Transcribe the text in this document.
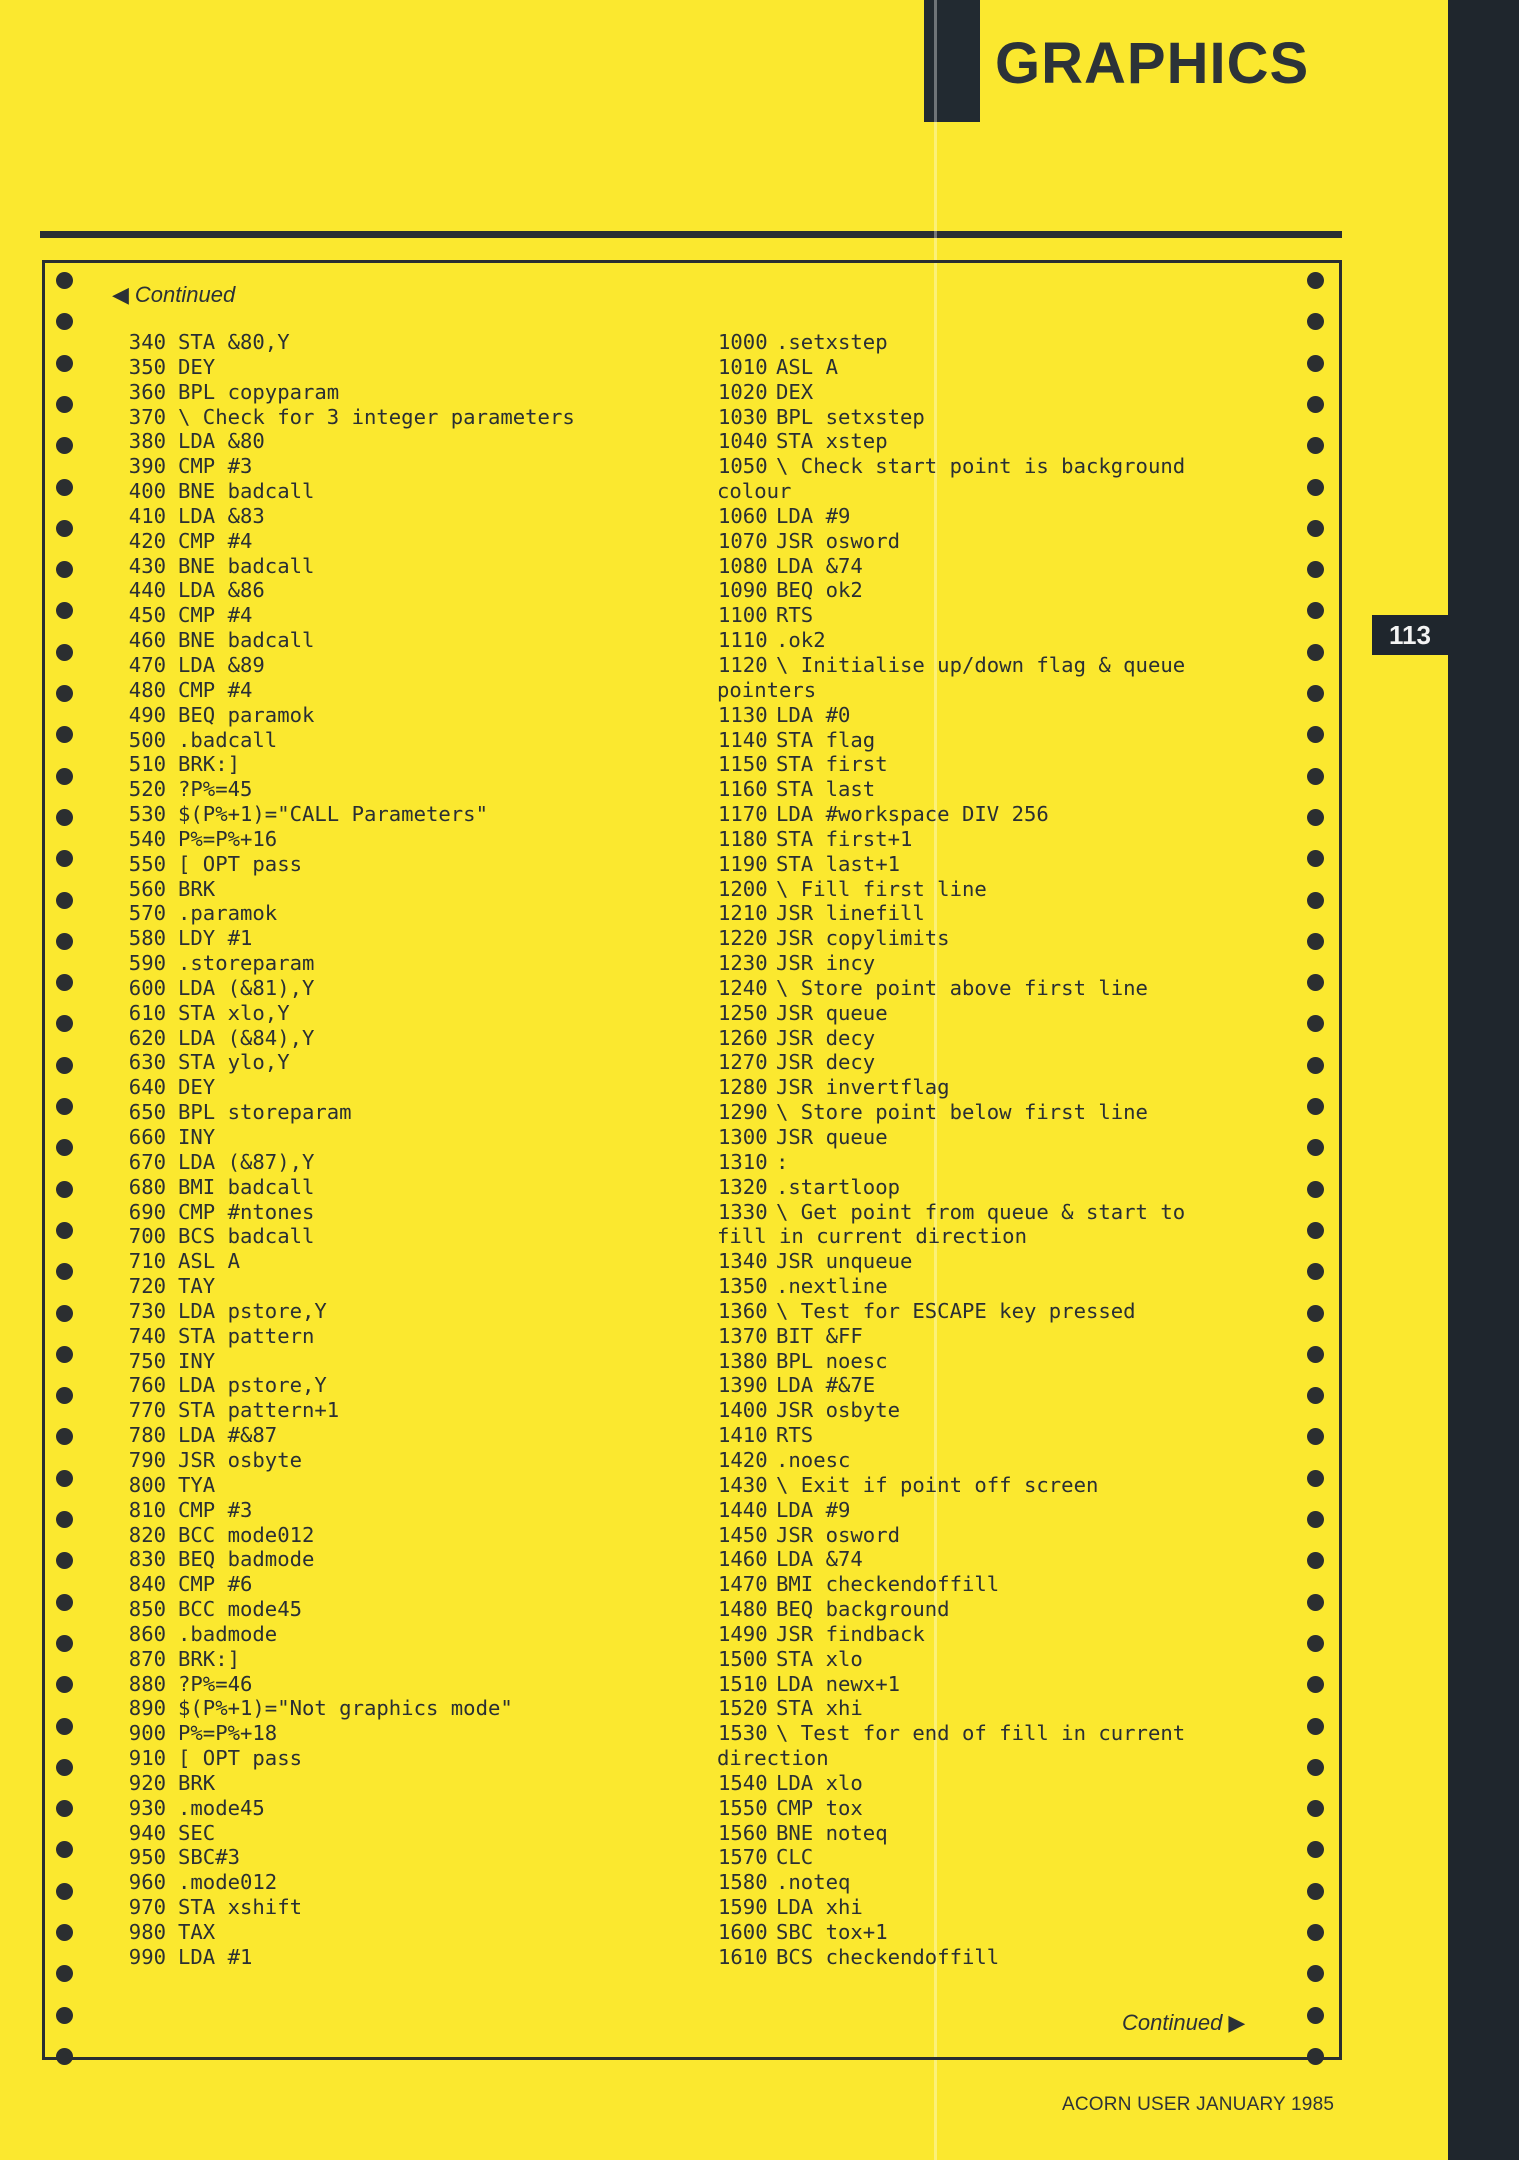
113
GRAPHICS
◀ Continued
340 STA &80,Y
350 DEY
360 BPL copyparam
370 \ Check for 3 integer parameters
380 LDA &80
390 CMP #3
400 BNE badcall
410 LDA &83
420 CMP #4
430 BNE badcall
440 LDA &86
450 CMP #4
460 BNE badcall
470 LDA &89
480 CMP #4
490 BEQ paramok
500 .badcall
510 BRK:]
520 ?P%=45
530 $(P%+1)="CALL Parameters"
540 P%=P%+16
550 [ OPT pass
560 BRK
570 .paramok
580 LDY #1
590 .storeparam
600 LDA (&81),Y
610 STA xlo,Y
620 LDA (&84),Y
630 STA ylo,Y
640 DEY
650 BPL storeparam
660 INY
670 LDA (&87),Y
680 BMI badcall
690 CMP #ntones
700 BCS badcall
710 ASL A
720 TAY
730 LDA pstore,Y
740 STA pattern
750 INY
760 LDA pstore,Y
770 STA pattern+1
780 LDA #&87
790 JSR osbyte
800 TYA
810 CMP #3
820 BCC mode012
830 BEQ badmode
840 CMP #6
850 BCC mode45
860 .badmode
870 BRK:]
880 ?P%=46
890 $(P%+1)="Not graphics mode"
900 P%=P%+18
910 [ OPT pass
920 BRK
930 .mode45
940 SEC
950 SBC#3
960 .mode012
970 STA xshift
980 TAX
990 LDA #1
1000 .setxstep
1010 ASL A
1020 DEX
1030 BPL setxstep
1040 STA xstep
1050 \ Check start point is background
colour
1060 LDA #9
1070 JSR osword
1080 LDA &74
1090 BEQ ok2
1100 RTS
1110 .ok2
1120 \ Initialise up/down flag & queue
pointers
1130 LDA #0
1140 STA flag
1150 STA first
1160 STA last
1170 LDA #workspace DIV 256
1180 STA first+1
1190 STA last+1
1200 \ Fill first line
1210 JSR linefill
1220 JSR copylimits
1230 JSR incy
1240 \ Store point above first line
1250 JSR queue
1260 JSR decy
1270 JSR decy
1280 JSR invertflag
1290 \ Store point below first line
1300 JSR queue
1310 :
1320 .startloop
1330 \ Get point from queue & start to
fill in current direction
1340 JSR unqueue
1350 .nextline
1360 \ Test for ESCAPE key pressed
1370 BIT &FF
1380 BPL noesc
1390 LDA #&7E
1400 JSR osbyte
1410 RTS
1420 .noesc
1430 \ Exit if point off screen
1440 LDA #9
1450 JSR osword
1460 LDA &74
1470 BMI checkendoffill
1480 BEQ background
1490 JSR findback
1500 STA xlo
1510 LDA newx+1
1520 STA xhi
1530 \ Test for end of fill in current
direction
1540 LDA xlo
1550 CMP tox
1560 BNE noteq
1570 CLC
1580 .noteq
1590 LDA xhi
1600 SBC tox+1
1610 BCS checkendoffill
Continued ▶
ACORN USER JANUARY 1985
